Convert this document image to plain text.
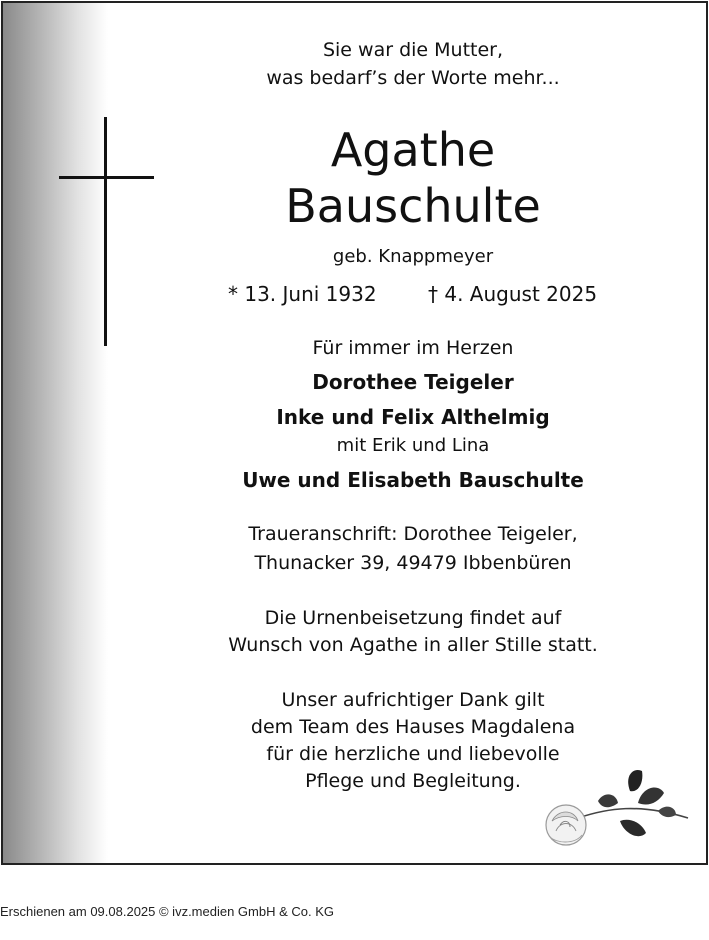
Sie war die Mutter,
was bedarf’s der Worte mehr...
Agathe
Bauschulte
geb. Knappmeyer
* 13. Juni 1932	† 4. August 2025
Für immer im Herzen
Dorothee Teigeler
Inke und Felix Althelmig
mit Erik und Lina
Uwe und Elisabeth Bauschulte
Traueranschrift: Dorothee Teigeler,
Thunacker 39, 49479 Ibbenbüren
Die Urnenbeisetzung findet auf
Wunsch von Agathe in aller Stille statt.
Unser aufrichtiger Dank gilt
dem Team des Hauses Magdalena
für die herzliche und liebevolle
Pflege und Begleitung.
Erschienen am 09.08.2025 © ivz.medien GmbH & Co. KG
